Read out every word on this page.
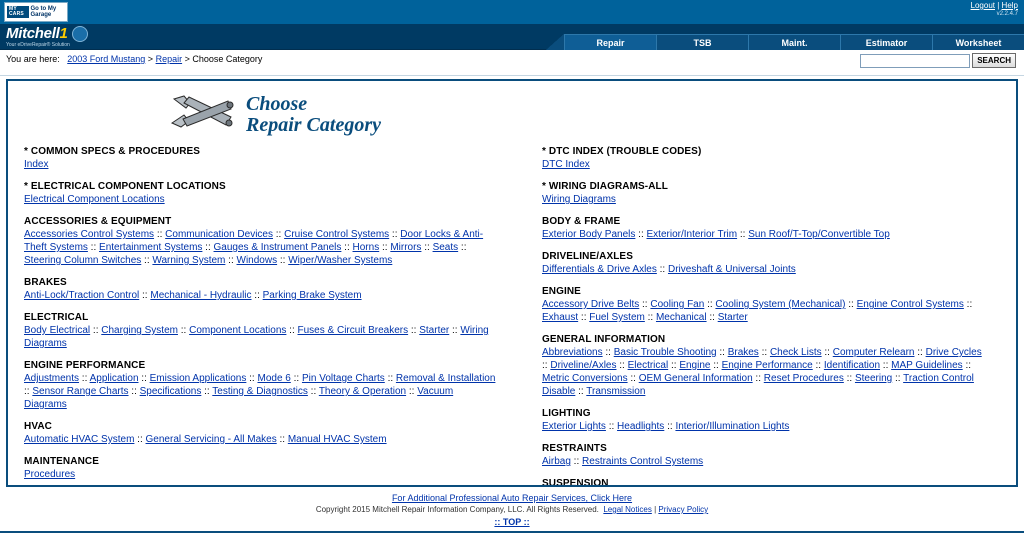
MY CARS
Go to My Garage
Logout | Help
v2.2.4.7
Mitchell1
Your eDriveRepair® Solution	Repair	TSB	Maint.	Estimator	Worksheet
You are here: 2003 Ford Mustang > Repair > Choose Category	SEARCH
Choose
Repair Category
* COMMON SPECS & PROCEDURES
Index
* ELECTRICAL COMPONENT LOCATIONS
Electrical Component Locations
ACCESSORIES & EQUIPMENT
Accessories Control Systems :: Communication Devices :: Cruise Control Systems :: Door Locks & Anti-Theft Systems :: Entertainment Systems :: Gauges & Instrument Panels :: Horns :: Mirrors :: Seats :: Steering Column Switches :: Warning System :: Windows :: Wiper/Washer Systems
BRAKES
Anti-Lock/Traction Control :: Mechanical - Hydraulic :: Parking Brake System
ELECTRICAL
Body Electrical :: Charging System :: Component Locations :: Fuses & Circuit Breakers :: Starter :: Wiring Diagrams
ENGINE PERFORMANCE
Adjustments :: Application :: Emission Applications :: Mode 6 :: Pin Voltage Charts :: Removal & Installation :: Sensor Range Charts :: Specifications :: Testing & Diagnostics :: Theory & Operation :: Vacuum Diagrams
HVAC
Automatic HVAC System :: General Servicing - All Makes :: Manual HVAC System
MAINTENANCE
Procedures
* DTC INDEX (TROUBLE CODES)
DTC Index
* WIRING DIAGRAMS-ALL
Wiring Diagrams
BODY & FRAME
Exterior Body Panels :: Exterior/Interior Trim :: Sun Roof/T-Top/Convertible Top
DRIVELINE/AXLES
Differentials & Drive Axles :: Driveshaft & Universal Joints
ENGINE
Accessory Drive Belts :: Cooling Fan :: Cooling System (Mechanical) :: Engine Control Systems :: Exhaust :: Fuel System :: Mechanical :: Starter
GENERAL INFORMATION
Abbreviations :: Basic Trouble Shooting :: Brakes :: Check Lists :: Computer Relearn :: Drive Cycles :: Driveline/Axles :: Electrical :: Engine :: Engine Performance :: Identification :: MAP Guidelines :: Metric Conversions :: OEM General Information :: Reset Procedures :: Steering :: Traction Control Disable :: Transmission
LIGHTING
Exterior Lights :: Headlights :: Interior/Illumination Lights
RESTRAINTS
Airbag :: Restraints Control Systems
SUSPENSION
For Additional Professional Auto Repair Services, Click Here
Copyright 2015 Mitchell Repair Information Company, LLC. All Rights Reserved. Legal Notices | Privacy Policy
:: TOP ::
